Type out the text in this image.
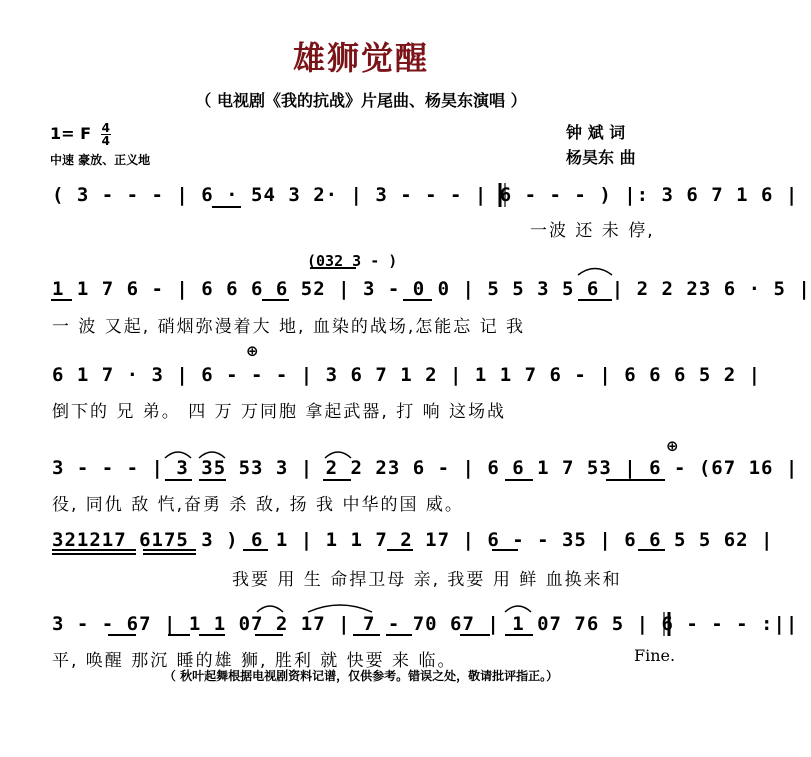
雄狮觉醒
（ 电视剧《我的抗战》片尾曲、杨昊东演唱 ）
1= F $\frac{4}{4}$
中速 豪放、正义地
钟 斌 词
杨昊东 曲
( 3 - - - | 6 · 54 3 2· | 3 - - - | 6 - - - ) |: 3 6 7 1 6 |
一波 还 未 停,
(032 3 - )
1 1 7 6 - | 6 6 6 6 52 | 3 - 0 0 | 5 5 3 5 6 | 2 2 23 6 · 5 |
一 波 又起, 硝烟弥漫着大 地, 血染的战场,怎能忘 记 我
⊕
6 1 7 · 3 | 6 - - - | 3 6 7 1 2 | 1 1 7 6 - | 6 6 6 5 2 |
倒下的 兄 弟。 四 万 万同胞 拿起武器, 打 响 这场战
⊕
3 - - - | 3 35 53 3 | 2 2 23 6 - | 6 6 1 7 53 | 6 - (67 16 |
役, 同仇 敌 忾,奋勇 杀 敌, 扬 我 中华的国 威。
321217 6175 3 ) 6 1 | 1 1 7 2 17 | 6 - - 35 | 6 6 5 5 62 |
我要 用 生 命捍卫母 亲, 我要 用 鲜 血换来和
3 - - 67 | 1 1 07 2 17 | 7 - 70 67 | 1 07 76 5 | 6 - - - :||
平, 唤醒 那沉 睡的雄 狮, 胜利 就 快要 来 临。	Fine.
（ 秋叶起舞根据电视剧资料记谱，仅供参考。错误之处，敬请批评指正。）
